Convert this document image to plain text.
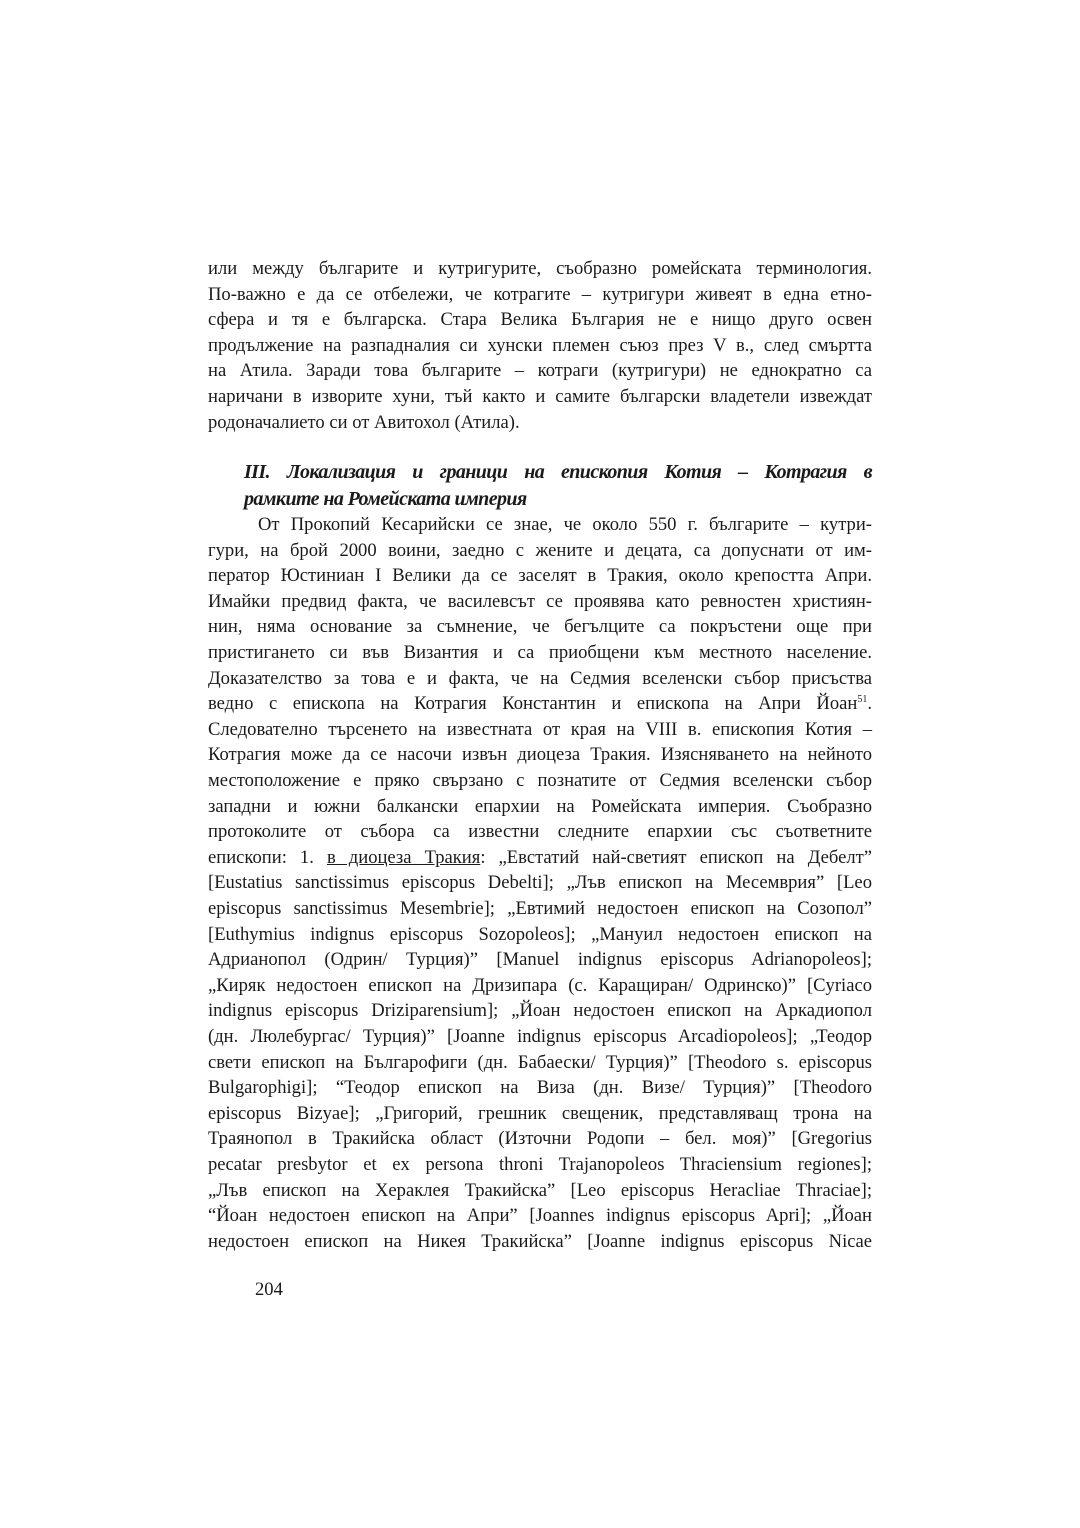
или между българите и кутригурите, съобразно ромейската терминология.
По-важно е да се отбележи, че котрагите – кутригури живеят в една етно-
сфера и тя е българска. Стара Велика България не е нищо друго освен
продължение на разпадналия си хунски племен съюз през V в., след смъртта
на Атила. Заради това българите – котраги (кутригури) не еднократно са
наричани в изворите хуни, тъй както и самите български владетели извеждат
родоначалието си от Авитохол (Атила).
III. Локализация и граници на епископия Котия – Котрагия в
рамките на Ромейската империя
От Прокопий Кесарийски се знае, че около 550 г. българите – кутри-
гури, на брой 2000 воини, заедно с жените и децата, са допуснати от им-
ператор Юстиниан I Велики да се заселят в Тракия, около крепостта Апри.
Имайки предвид факта, че василевсът се проявява като ревностен християн-
нин, няма основание за съмнение, че бегълците са покръстени още при
пристигането си във Византия и са приобщени към местното население.
Доказателство за това е и факта, че на Седмия вселенски събор присъства
ведно с епископа на Котрагия Константин и епископа на Апри Йоан$^{51}$.
Следователно търсенето на известната от края на VIII в. епископия Котия –
Котрагия може да се насочи извън диоцеза Тракия. Изясняването на нейното
местоположение е пряко свързано с познатите от Седмия вселенски събор
западни и южни балкански епархии на Ромейската империя. Съобразно
протоколите от събора са известни следните епархии със съответните
епископи: 1. в диоцеза Тракия: „Евстатий най-светият епископ на Дебелт”
[Eustatius sanctissimus episcopus Debelti]; „Лъв епископ на Месемврия” [Leo
episcopus sanctissimus Mesembrie]; „Евтимий недостоен епископ на Созопол”
[Euthymius indignus episcopus Sozopoleos]; „Мануил недостоен епископ на
Адрианопол (Одрин/ Турция)” [Manuel indignus episcopus Adrianopoleos];
„Киряк недостоен епископ на Дризипара (с. Каращиран/ Одринско)” [Cyriaco
indignus episcopus Driziparensium]; „Йоан недостоен епископ на Аркадиопол
(дн. Люлебургас/ Турция)” [Joanne indignus episcopus Arcadiopoleos]; „Теодор
свети епископ на Българофиги (дн. Бабаески/ Турция)” [Theodoro s. episcopus
Bulgarophigi]; “Теодор епископ на Виза (дн. Визе/ Турция)” [Theodoro
episcopus Bizyae]; „Григорий, грешник свещеник, представляващ трона на
Траянопол в Тракийска област (Източни Родопи – бел. моя)” [Gregorius
pecatar presbytor et ex persona throni Trajanopoleos Thraciensium regiones];
„Лъв епископ на Хераклея Тракийска” [Leo episcopus Heracliae Thraciae];
“Йоан недостоен епископ на Апри” [Joannes indignus episcopus Apri]; „Йоан
недостоен епископ на Никея Тракийска” [Joanne indignus episcopus Nicae
204
